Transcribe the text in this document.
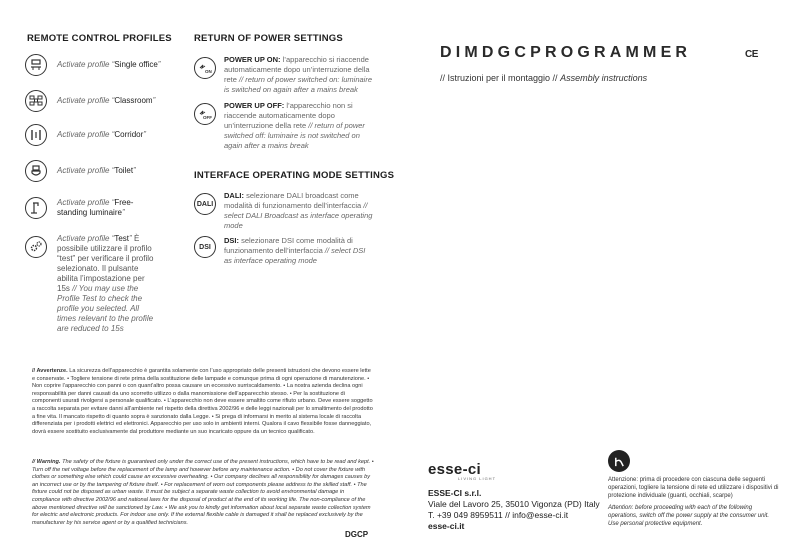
REMOTE CONTROL PROFILES
Activate profile “Single office”
Activate profile “Classroom”
Activate profile “Corridor”
Activate profile “Toilet”
Activate profile “Free-standing luminaire”
Activate profile “Test” È possibile utilizzare il profilo “test” per verificare il profilo selezionato. Il pulsante abilita l’impostazione per 15s // You may use the Profile Test to check the profile you selected. All times relevant to the profile are reduced to 15s
RETURN OF POWER SETTINGS
ON
POWER UP ON: l’apparecchio si riaccende automaticamente dopo un’interruzione della rete // return of power switched on: luminaire is switched on again after a mains break
OFF
POWER UP OFF: l’apparecchio non si riaccende automaticamente dopo un’interruzione della rete // return of power switched off: luminaire is not switched on again after a mains break
INTERFACE OPERATING MODE SETTINGS
DALI
DALI: selezionare DALI broadcast come modalità di funzionamento dell’interfaccia // select DALI Broadcast as interface operating mode
DSI
DSI: selezionare DSI come modalità di funzionamento dell’interfaccia // select DSI as interface operating mode
// Avvertenze. La sicurezza dell’apparecchio è garantita solamente con l’uso appropriato delle presenti istruzioni che devono essere lette e conservate. • Togliere tensione di rete prima della sostituzione delle lampade e comunque prima di ogni operazione di manutenzione. • Non coprire l’apparecchio con panni o con quant’altro possa causare un eccessivo surriscaldamento. • La nostra azienda declina ogni responsabilità per danni causati da uno scorretto utilizzo o dalla manomissione dell’apparecchio stesso. • Per la sostituzione di componenti usurati rivolgersi a personale qualificato. • L’apparecchio non deve essere smaltito come rifiuto urbano. Deve essere soggetto a raccolta separata per evitare danni all’ambiente nel rispetto della direttiva 2002/96 e delle leggi nazionali per lo smaltimento del prodotto a fine vita. Il mancato rispetto di quanto sopra è sanzionato dalla Legge. • Si prega di informarsi in merito al sistema locale di raccolta differenziata per i prodotti elettrici ed elettronici. Apparecchio per uso solo in ambienti interni. Qualora il cavo flessibile fosse danneggiato, dovrà essere sostituito esclusivamente dal produttore mediante un suo incaricato oppure da un tecnico qualificato.
// Warning. The safety of the fixture is guaranteed only under the correct use of the present instructions, which have to be read and kept. • Turn off the net voltage before the replacement of the lamp and however before any maintenance action. • Do not cover the fixture with clothes or something else which could cause an excessive overheating. • Our company declines all responsibility for damages causes by an incorrect use or by the tampering of fixture itself. • For replacement of worn out components please address to the skilled staff. • The fixture could not be disposed as urban waste. It must be subject a separate waste collection to avoid environmental damage in compliance with directive 2002/96 and national laws for the disposal of product at the end of its working life. The non-compliance of the above mentioned directive will be sanctioned by Law. • We ask you to kindly get information about local separate waste collection system for electric and electronic products. For indoor use only. If the external flexible cable is damaged it shall be replaced exclusively by the manufacturer by his service agent or by a qualified technicians.
DGCP
DIMDGCPROGRAMMER	CE
// Istruzioni per il montaggio // Assembly instructions
esse-ci
LIVING LIGHT
ESSE-CI s.r.l.
Viale del Lavoro 25, 35010 Vigonza (PD) Italy
T. +39 049 8959511 // info@esse-ci.it
esse-ci.it
Attenzione: prima di procedere con ciascuna delle seguenti operazioni, togliere la tensione di rete ed utilizzare i dispositivi di protezione individuale (guanti, occhiali, scarpe)
Attention: before proceeding with each of the following operations, switch off the power supply at the consumer unit. Use personal protective equipment.
